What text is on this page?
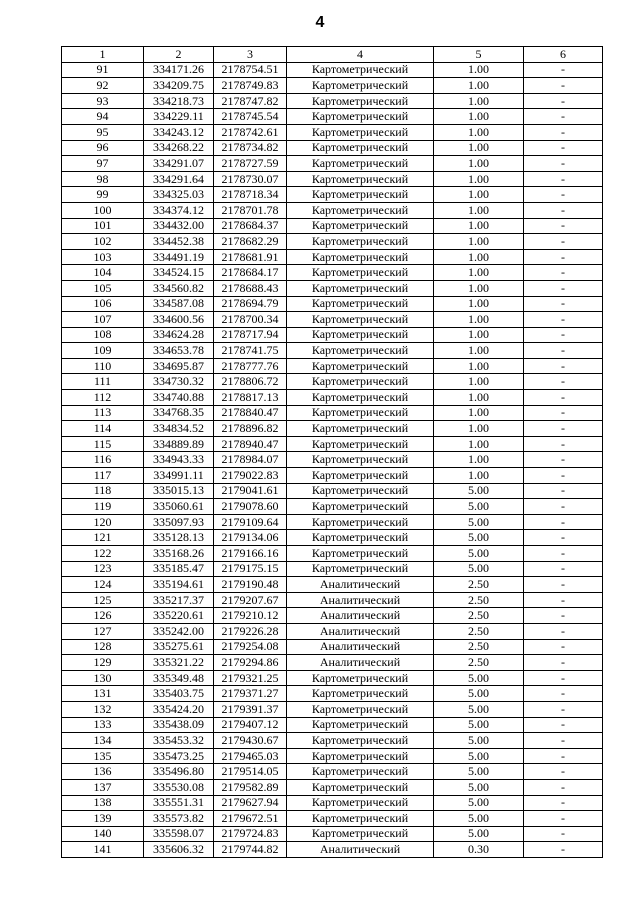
4
1	2	3	4	5	6
91	334171.26	2178754.51	Картометрический	1.00	-
92	334209.75	2178749.83	Картометрический	1.00	-
93	334218.73	2178747.82	Картометрический	1.00	-
94	334229.11	2178745.54	Картометрический	1.00	-
95	334243.12	2178742.61	Картометрический	1.00	-
96	334268.22	2178734.82	Картометрический	1.00	-
97	334291.07	2178727.59	Картометрический	1.00	-
98	334291.64	2178730.07	Картометрический	1.00	-
99	334325.03	2178718.34	Картометрический	1.00	-
100	334374.12	2178701.78	Картометрический	1.00	-
101	334432.00	2178684.37	Картометрический	1.00	-
102	334452.38	2178682.29	Картометрический	1.00	-
103	334491.19	2178681.91	Картометрический	1.00	-
104	334524.15	2178684.17	Картометрический	1.00	-
105	334560.82	2178688.43	Картометрический	1.00	-
106	334587.08	2178694.79	Картометрический	1.00	-
107	334600.56	2178700.34	Картометрический	1.00	-
108	334624.28	2178717.94	Картометрический	1.00	-
109	334653.78	2178741.75	Картометрический	1.00	-
110	334695.87	2178777.76	Картометрический	1.00	-
111	334730.32	2178806.72	Картометрический	1.00	-
112	334740.88	2178817.13	Картометрический	1.00	-
113	334768.35	2178840.47	Картометрический	1.00	-
114	334834.52	2178896.82	Картометрический	1.00	-
115	334889.89	2178940.47	Картометрический	1.00	-
116	334943.33	2178984.07	Картометрический	1.00	-
117	334991.11	2179022.83	Картометрический	1.00	-
118	335015.13	2179041.61	Картометрический	5.00	-
119	335060.61	2179078.60	Картометрический	5.00	-
120	335097.93	2179109.64	Картометрический	5.00	-
121	335128.13	2179134.06	Картометрический	5.00	-
122	335168.26	2179166.16	Картометрический	5.00	-
123	335185.47	2179175.15	Картометрический	5.00	-
124	335194.61	2179190.48	Аналитический	2.50	-
125	335217.37	2179207.67	Аналитический	2.50	-
126	335220.61	2179210.12	Аналитический	2.50	-
127	335242.00	2179226.28	Аналитический	2.50	-
128	335275.61	2179254.08	Аналитический	2.50	-
129	335321.22	2179294.86	Аналитический	2.50	-
130	335349.48	2179321.25	Картометрический	5.00	-
131	335403.75	2179371.27	Картометрический	5.00	-
132	335424.20	2179391.37	Картометрический	5.00	-
133	335438.09	2179407.12	Картометрический	5.00	-
134	335453.32	2179430.67	Картометрический	5.00	-
135	335473.25	2179465.03	Картометрический	5.00	-
136	335496.80	2179514.05	Картометрический	5.00	-
137	335530.08	2179582.89	Картометрический	5.00	-
138	335551.31	2179627.94	Картометрический	5.00	-
139	335573.82	2179672.51	Картометрический	5.00	-
140	335598.07	2179724.83	Картометрический	5.00	-
141	335606.32	2179744.82	Аналитический	0.30	-
